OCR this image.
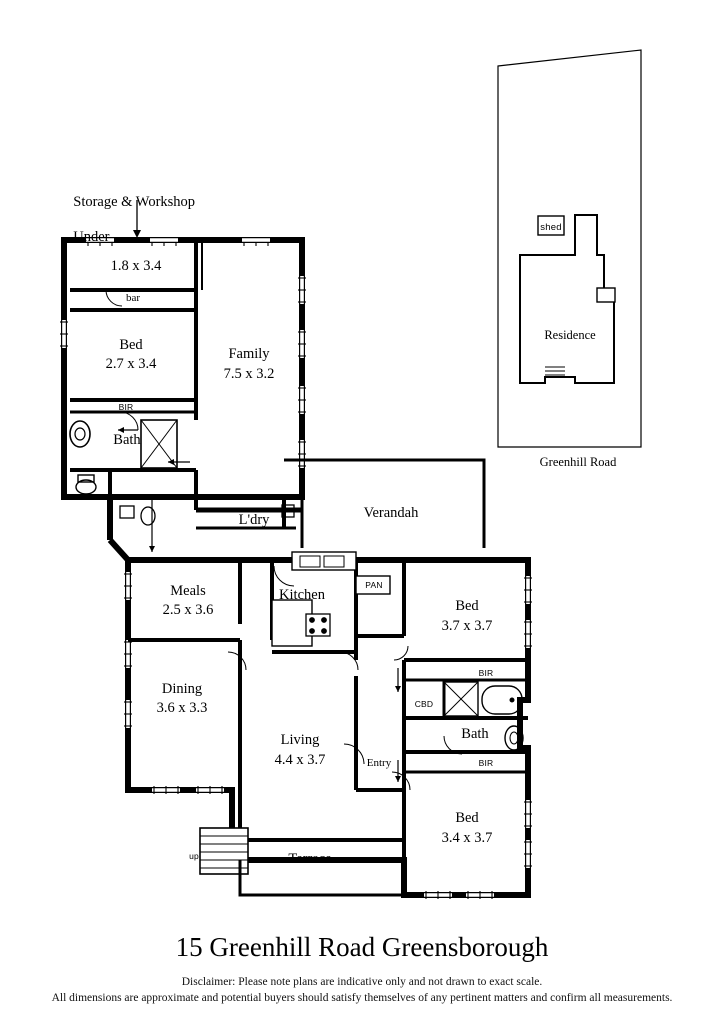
Storage & Workshop

Under

1.8 x 3.4
bar
Bed
2.7 x 3.4
Family
7.5 x 3.2
BIR
Bath
L'dry	Verandah
Meals
2.5 x 3.6
Kitchen
PAN
Bed
3.7 x 3.7
BIR
CBD
Bath
Dining
3.6 x 3.3
Living
4.4 x 3.7	Entry	BIR
Bed
3.4 x 3.7
Terrace
up
shed
Residence
Greenhill Road
15 Greenhill Road Greensborough
Disclaimer: Please note plans are indicative only and not drawn to exact scale.
All dimensions are approximate and potential buyers should satisfy themselves of any pertinent matters and confirm all measurements.
